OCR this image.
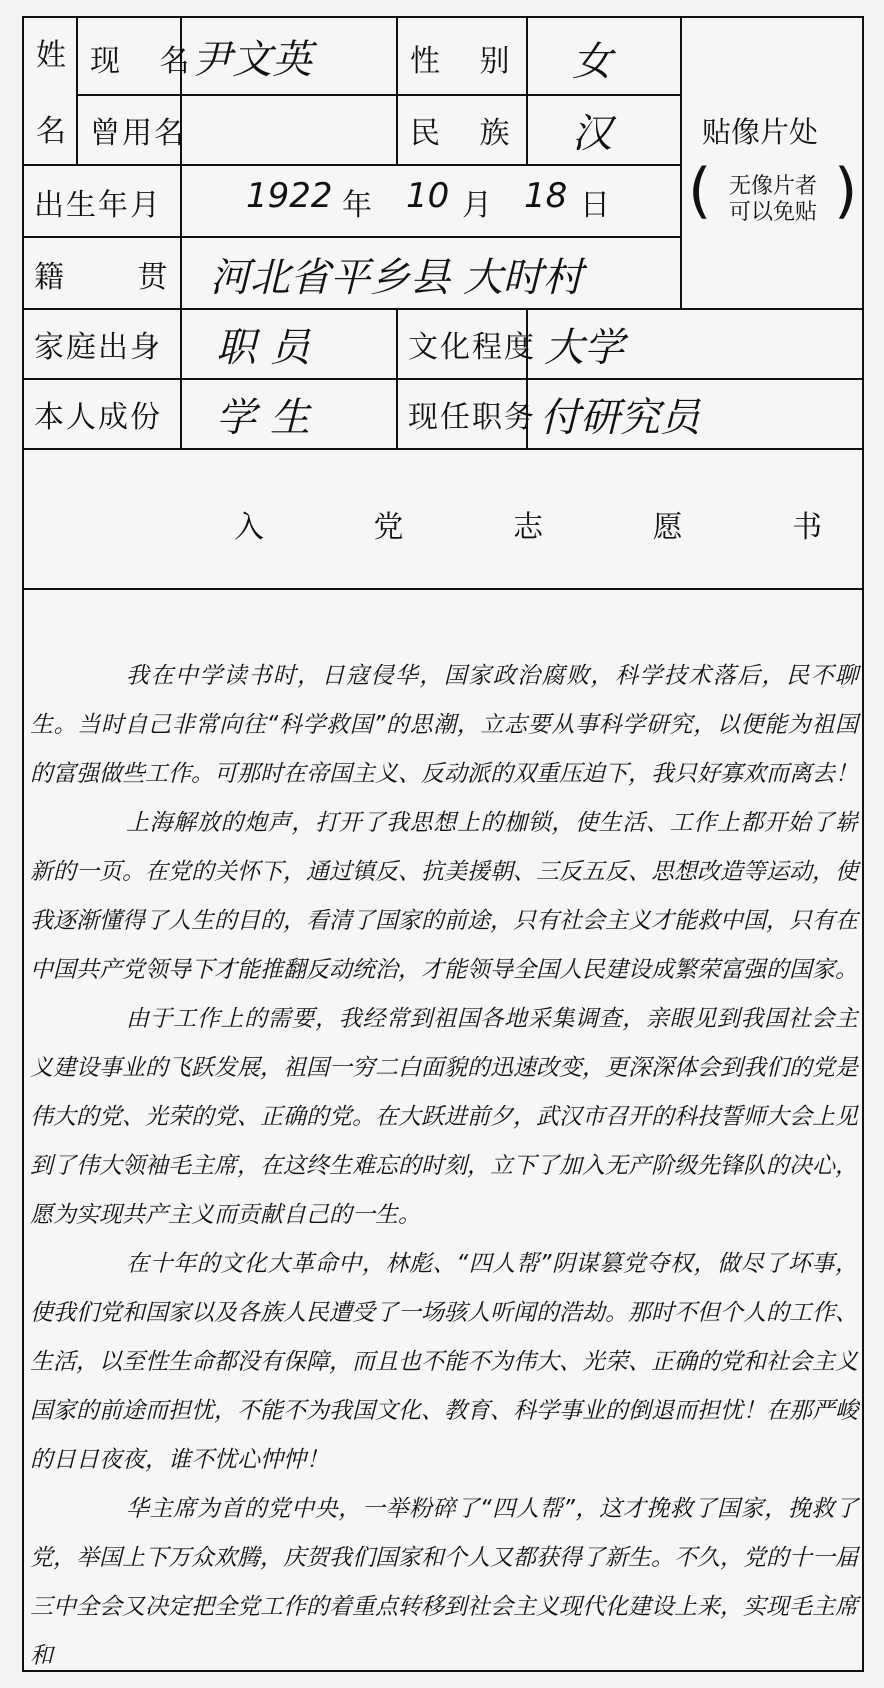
姓
名
现 名 尹文英	性 别 女
曾用名	民 族 汉	贴像片处
( 无像片者
可以免贴 )
出生年月 1922 年 10 月 18 日
籍 贯 河北省平乡县 大时村
家庭出身 职员	文化程度 大学
本人成份 学生	现任职务 付研究员
入 党 志 愿 书

我在中学读书时，日寇侵华，国家政治腐败，科学技术落后，民不聊生。当时自己非常向往“科学救国”的思潮，立志要从事科学研究，以便能为祖国的富强做些工作。可那时在帝国主义、反动派的双重压迫下，我只好寡欢而离去！

上海解放的炮声，打开了我思想上的枷锁，使生活、工作上都开始了崭新的一页。在党的关怀下，通过镇反、抗美援朝、三反五反、思想改造等运动，使我逐渐懂得了人生的目的，看清了国家的前途，只有社会主义才能救中国，只有在中国共产党领导下才能推翻反动统治，才能领导全国人民建设成繁荣富强的国家。

由于工作上的需要，我经常到祖国各地采集调查，亲眼见到我国社会主义建设事业的飞跃发展，祖国一穷二白面貌的迅速改变，更深深体会到我们的党是伟大的党、光荣的党、正确的党。在大跃进前夕，武汉市召开的科技誓师大会上见到了伟大领袖毛主席，在这终生难忘的时刻，立下了加入无产阶级先锋队的决心，愿为实现共产主义而贡献自己的一生。

在十年的文化大革命中，林彪、“四人帮”阴谋篡党夺权，做尽了坏事，使我们党和国家以及各族人民遭受了一场骇人听闻的浩劫。那时不但个人的工作、生活，以至性生命都没有保障，而且也不能不为伟大、光荣、正确的党和社会主义国家的前途而担忧，不能不为我国文化、教育、科学事业的倒退而担忧！在那严峻的日日夜夜，谁不忧心忡忡！

华主席为首的党中央，一举粉碎了“四人帮”，这才挽救了国家，挽救了党，举国上下万众欢腾，庆贺我们国家和个人又都获得了新生。不久，党的十一届三中全会又决定把全党工作的着重点转移到社会主义现代化建设上来，实现毛主席和
